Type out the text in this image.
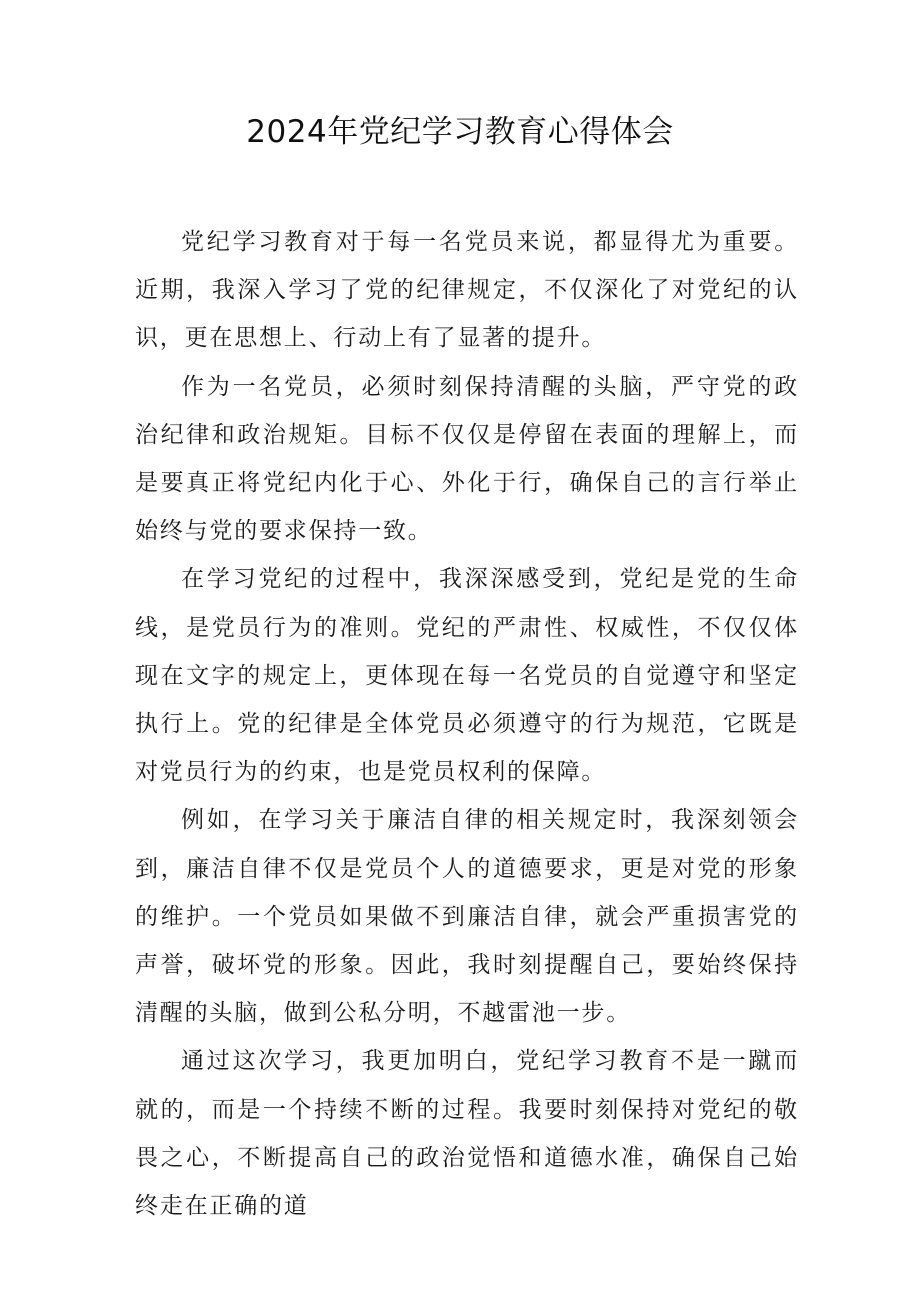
2024年党纪学习教育心得体会

党纪学习教育对于每一名党员来说，都显得尤为重要。近期，我深入学习了党的纪律规定，不仅深化了对党纪的认识，更在思想上、行动上有了显著的提升。

作为一名党员，必须时刻保持清醒的头脑，严守党的政治纪律和政治规矩。目标不仅仅是停留在表面的理解上，而是要真正将党纪内化于心、外化于行，确保自己的言行举止始终与党的要求保持一致。

在学习党纪的过程中，我深深感受到，党纪是党的生命线，是党员行为的准则。党纪的严肃性、权威性，不仅仅体现在文字的规定上，更体现在每一名党员的自觉遵守和坚定执行上。党的纪律是全体党员必须遵守的行为规范，它既是对党员行为的约束，也是党员权利的保障。

例如，在学习关于廉洁自律的相关规定时，我深刻领会到，廉洁自律不仅是党员个人的道德要求，更是对党的形象的维护。一个党员如果做不到廉洁自律，就会严重损害党的声誉，破坏党的形象。因此，我时刻提醒自己，要始终保持清醒的头脑，做到公私分明，不越雷池一步。

通过这次学习，我更加明白，党纪学习教育不是一蹴而就的，而是一个持续不断的过程。我要时刻保持对党纪的敬畏之心，不断提高自己的政治觉悟和道德水准，确保自己始终走在正确的道
